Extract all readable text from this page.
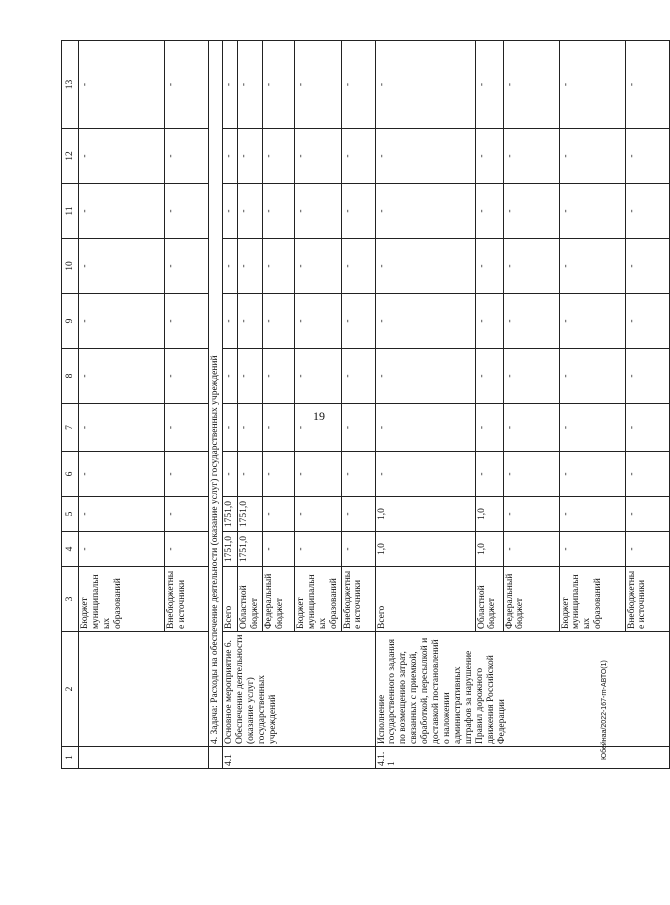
19
Юбейнаа/2022-167-гп-АВТО(1)
1	2	3	4	5	6	7	8	9	10	11	12	13
		Бюджет муниципальных образований	-	-	-	-	-	-	-	-	-	-
		Внебюджетные источники	-	-	-	-	-	-	-	-	-	-
	4. Задача: Расходы на обеспечение деятельности (оказание услуг) государственных учреждений											
4.1	Основное мероприятие 6. Обеспечение деятельности (оказание услуг) государственных учреждений	Всего	1751,0	1751,0	-	-	-	-	-	-	-	-
		Областной бюджет	1751,0	1751,0	-	-	-	-	-	-	-	-
		Федеральный бюджет	-	-	-	-	-	-	-	-	-	-
		Бюджет муниципальных образований	-	-	-	-	-	-	-	-	-	-
		Внебюджетные источники	-	-	-	-	-	-	-	-	-	-
4.1.1	Исполнение государственного задания по возмещению затрат, связанных с приемкой, обработкой, пересылкой и доставкой постановлений о наложении административных штрафов за нарушение Правил дорожного движения Российской Федерации	Всего	1,0	1,0	-	-	-	-	-	-	-	-
		Областной бюджет	1,0	1,0	-	-	-	-	-	-	-	-
		Федеральный бюджет	-	-	-	-	-	-	-	-	-	-
		Бюджет муниципальных образований	-	-	-	-	-	-	-	-	-	-
		Внебюджетные источники	-	-	-	-	-	-	-	-	-	-
